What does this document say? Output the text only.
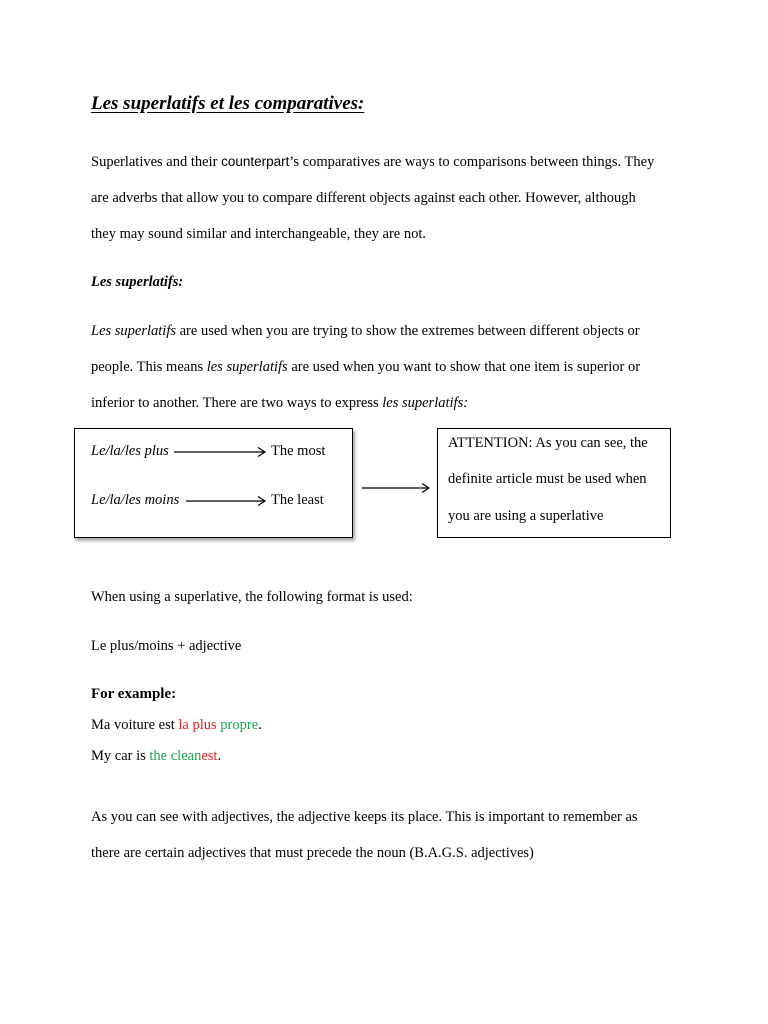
Les superlatifs et les comparatives:
Superlatives and their counterpart’s comparatives are ways to comparisons between things. They
are adverbs that allow you to compare different objects against each other. However, although
they may sound similar and interchangeable, they are not.
Les superlatifs:
Les superlatifs are used when you are trying to show the extremes between different objects or
people. This means les superlatifs are used when you want to show that one item is superior or
inferior to another. There are two ways to express les superlatifs:
Le/la/les plus	The most
Le/la/les moins	The least
ATTENTION: As you can see, the
definite article must be used when
you are using a superlative
When using a superlative, the following format is used:
Le plus/moins + adjective
For example:
Ma voiture est la plus propre.
My car is the cleanest.
As you can see with adjectives, the adjective keeps its place. This is important to remember as
there are certain adjectives that must precede the noun (B.A.G.S. adjectives)
